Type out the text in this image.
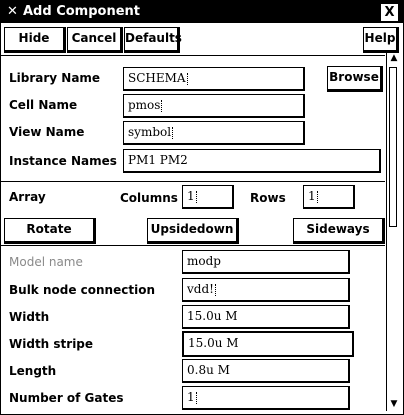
✕ Add Component	X
Hide	Cancel Defaults	Help
▲
▼
Library Name	SCHEMA	Browse
Cell Name	pmos
View Name	symbol
Instance Names PM1 PM2
Array	Columns 1	Rows	1
Rotate	Upsidedown	Sideways
Model name	modp
Bulk node connection	vdd!
Width	15.0u M
Width stripe	15.0u M
Length	0.8u M
Number of Gates	1
